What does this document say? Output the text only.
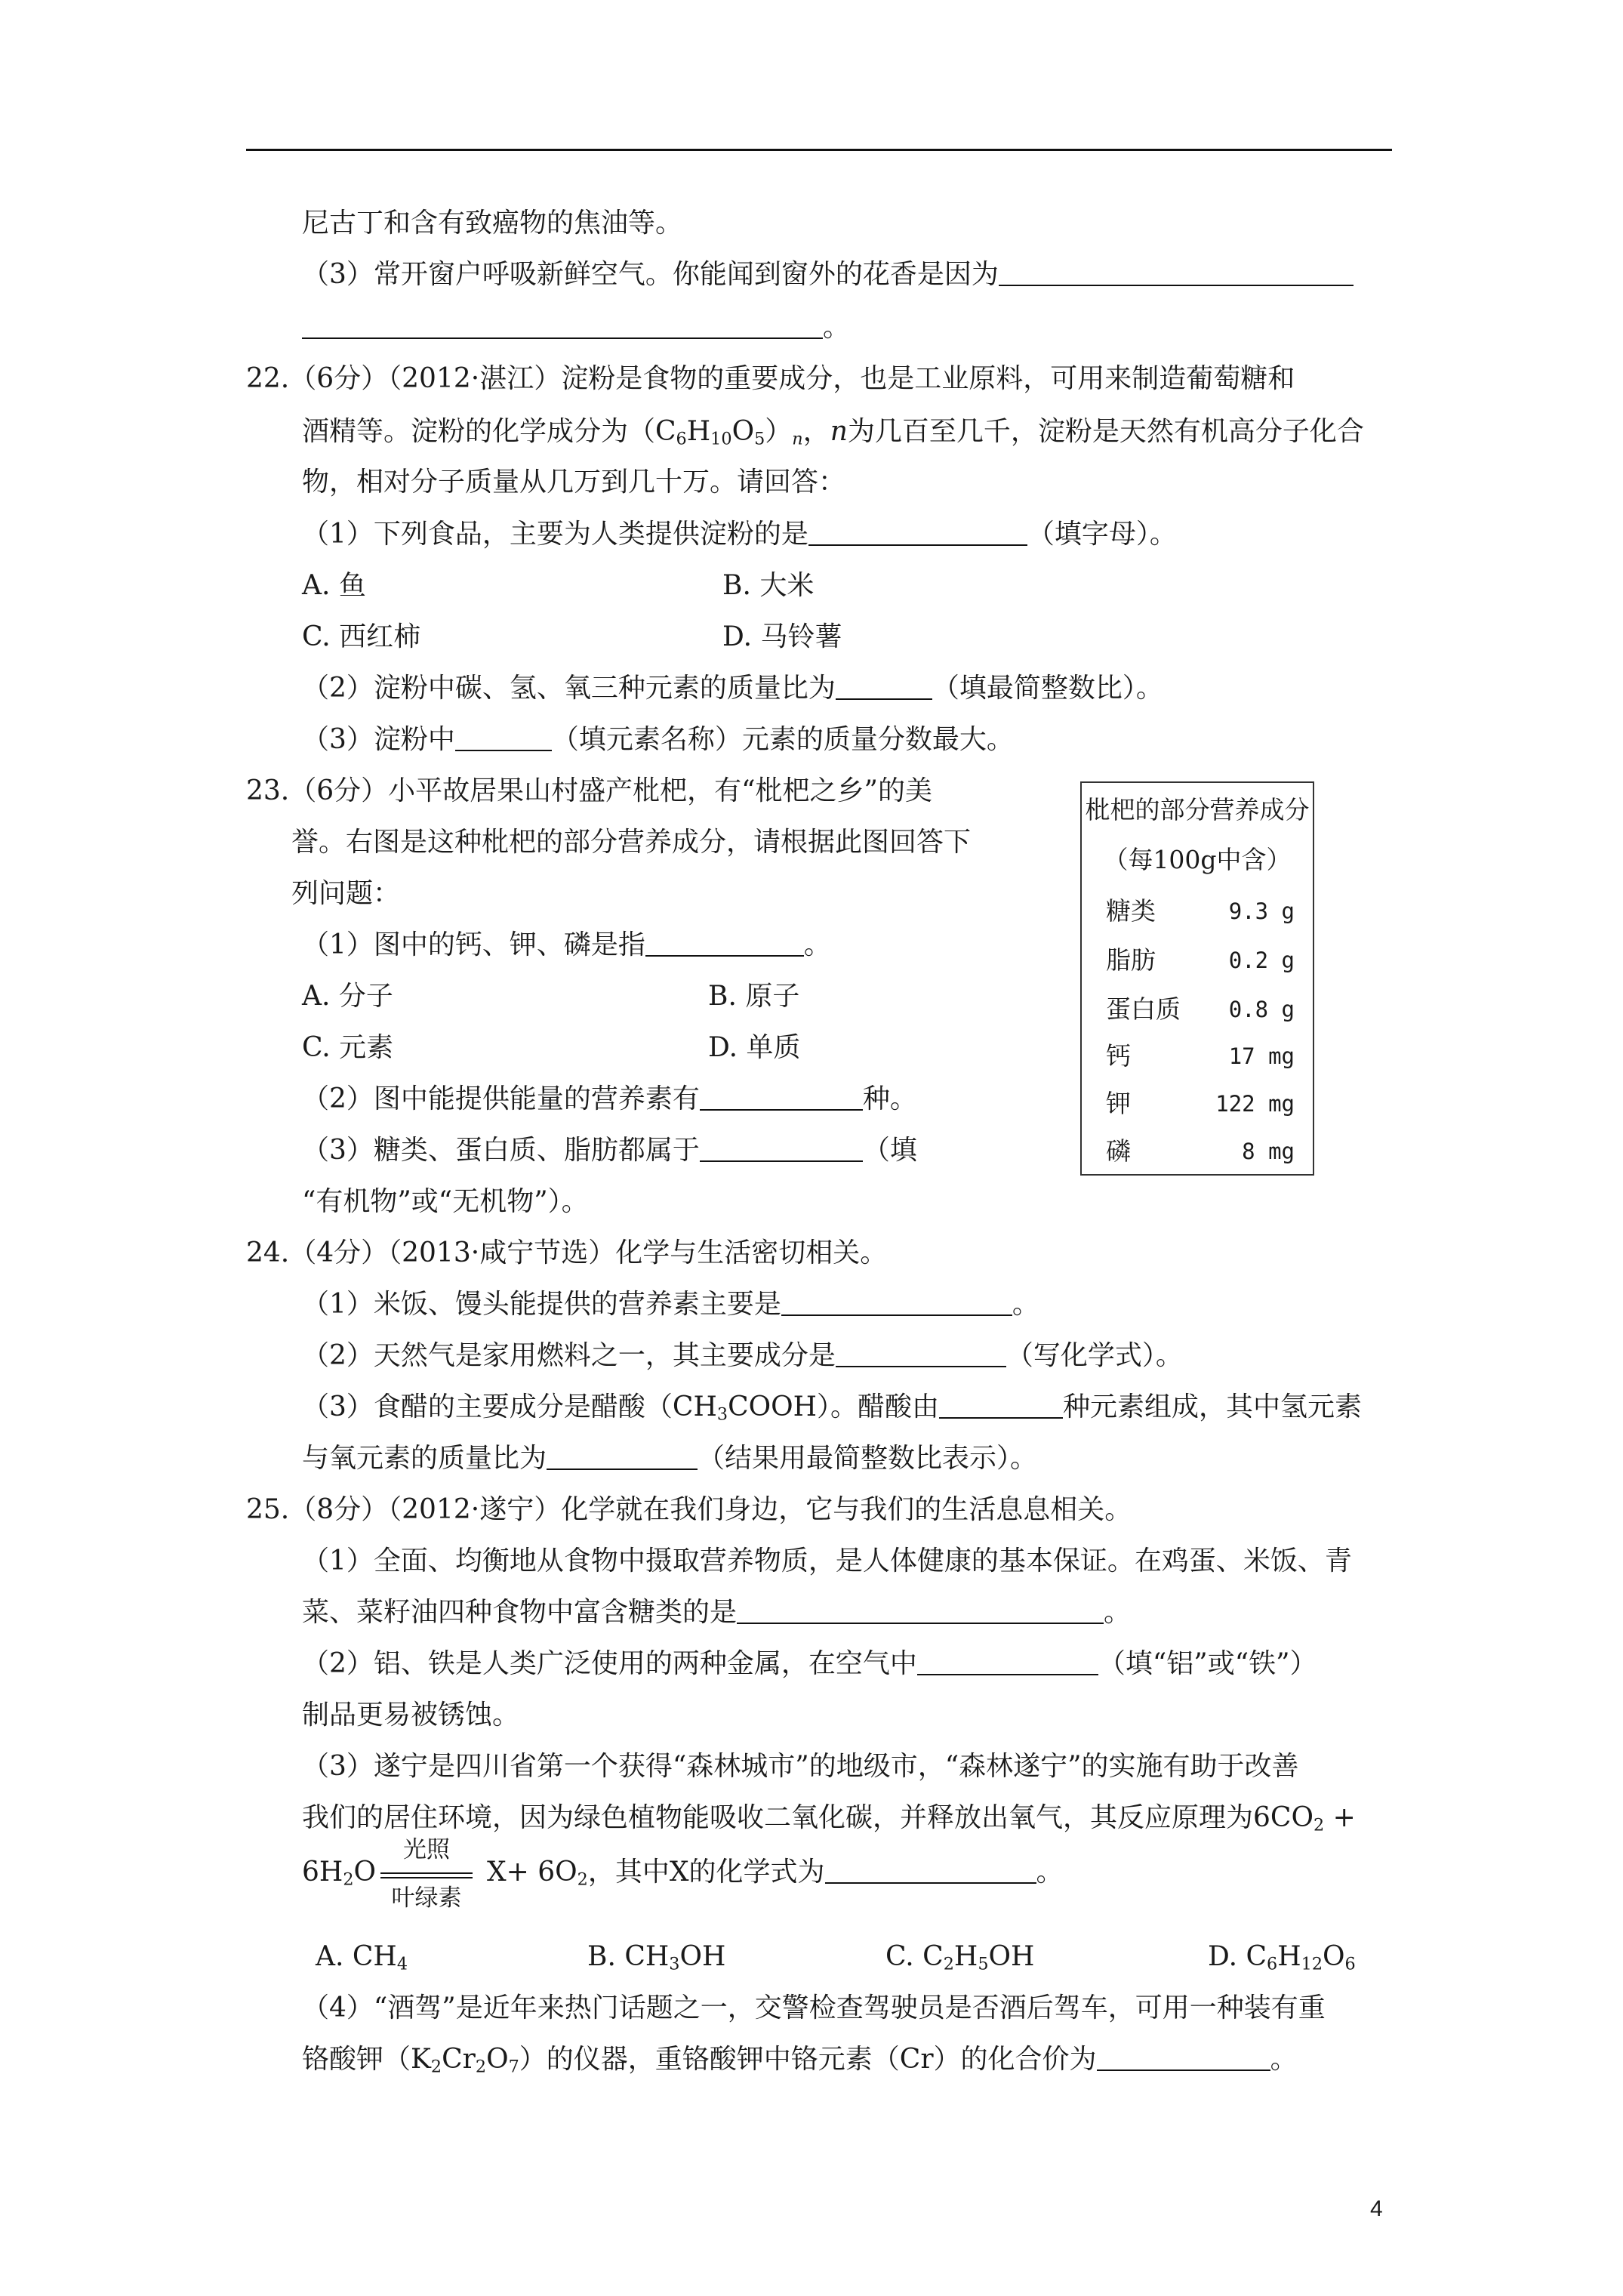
尼古丁和含有致癌物的焦油等。
（3）常开窗户呼吸新鲜空气。你能闻到窗外的花香是因为
。
22.（6分）（2012·湛江）淀粉是食物的重要成分，也是工业原料，可用来制造葡萄糖和
酒精等。淀粉的化学成分为$(C_6H_{10}O_5)_n$，n为几百至几千，淀粉是天然有机高分子化合
物，相对分子质量从几万到几十万。请回答：
（1）下列食品，主要为人类提供淀粉的是	（填字母）。
A. 鱼	B. 大米
C. 西红柿	D. 马铃薯
（2）淀粉中碳、氢、氧三种元素的质量比为	（填最简整数比）。
（3）淀粉中	（填元素名称）元素的质量分数最大。
23.（6分）小平故居果山村盛产枇杷，有“枇杷之乡”的美
誉。右图是这种枇杷的部分营养成分，请根据此图回答下
列问题：
（1）图中的钙、钾、磷是指	。
A. 分子	B. 原子
C. 元素	D. 单质
（2）图中能提供能量的营养素有	种。
（3）糖类、蛋白质、脂肪都属于	（填
“有机物”或“无机物”）。
枇杷的部分营养成分
（每100g中含）
糖类	9.3 g
脂肪	0.2 g
蛋白质 0.8 g
钙	17 mg
钾	122 mg
磷	8 mg
24.（4分）（2013·咸宁节选）化学与生活密切相关。
（1）米饭、馒头能提供的营养素主要是	。
（2）天然气是家用燃料之一，其主要成分是	（写化学式）。
（3）食醋的主要成分是醋酸$(CH_3COOH)$。醋酸由	种元素组成，其中氢元素
与氧元素的质量比为	（结果用最简整数比表示）。
25.（8分）（2012·遂宁）化学就在我们身边，它与我们的生活息息相关。
（1）全面、均衡地从食物中摄取营养物质，是人体健康的基本保证。在鸡蛋、米饭、青
菜、菜籽油四种食物中富含糖类的是	。
（2）铝、铁是人类广泛使用的两种金属，在空气中	（填“铝”或“铁”）
制品更易被锈蚀。
（3）遂宁是四川省第一个获得“森林城市”的地级市，“森林遂宁”的实施有助于改善
我们的居住环境，因为绿色植物能吸收二氧化碳，并释放出氧气，其反应原理为$6CO_2$ +
$6H_2O$
光照
叶绿素
$X+ 6O_2$，其中X的化学式为	。
A. $CH_4$	B. $CH_3OH$	C. $C_2H_5OH$	D. $C_6H_{12}O_6$
（4）“酒驾”是近年来热门话题之一，交警检查驾驶员是否酒后驾车，可用一种装有重
铬酸钾$(K_2Cr_2O_7)$的仪器，重铬酸钾中铬元素（Cr）的化合价为	。
4
